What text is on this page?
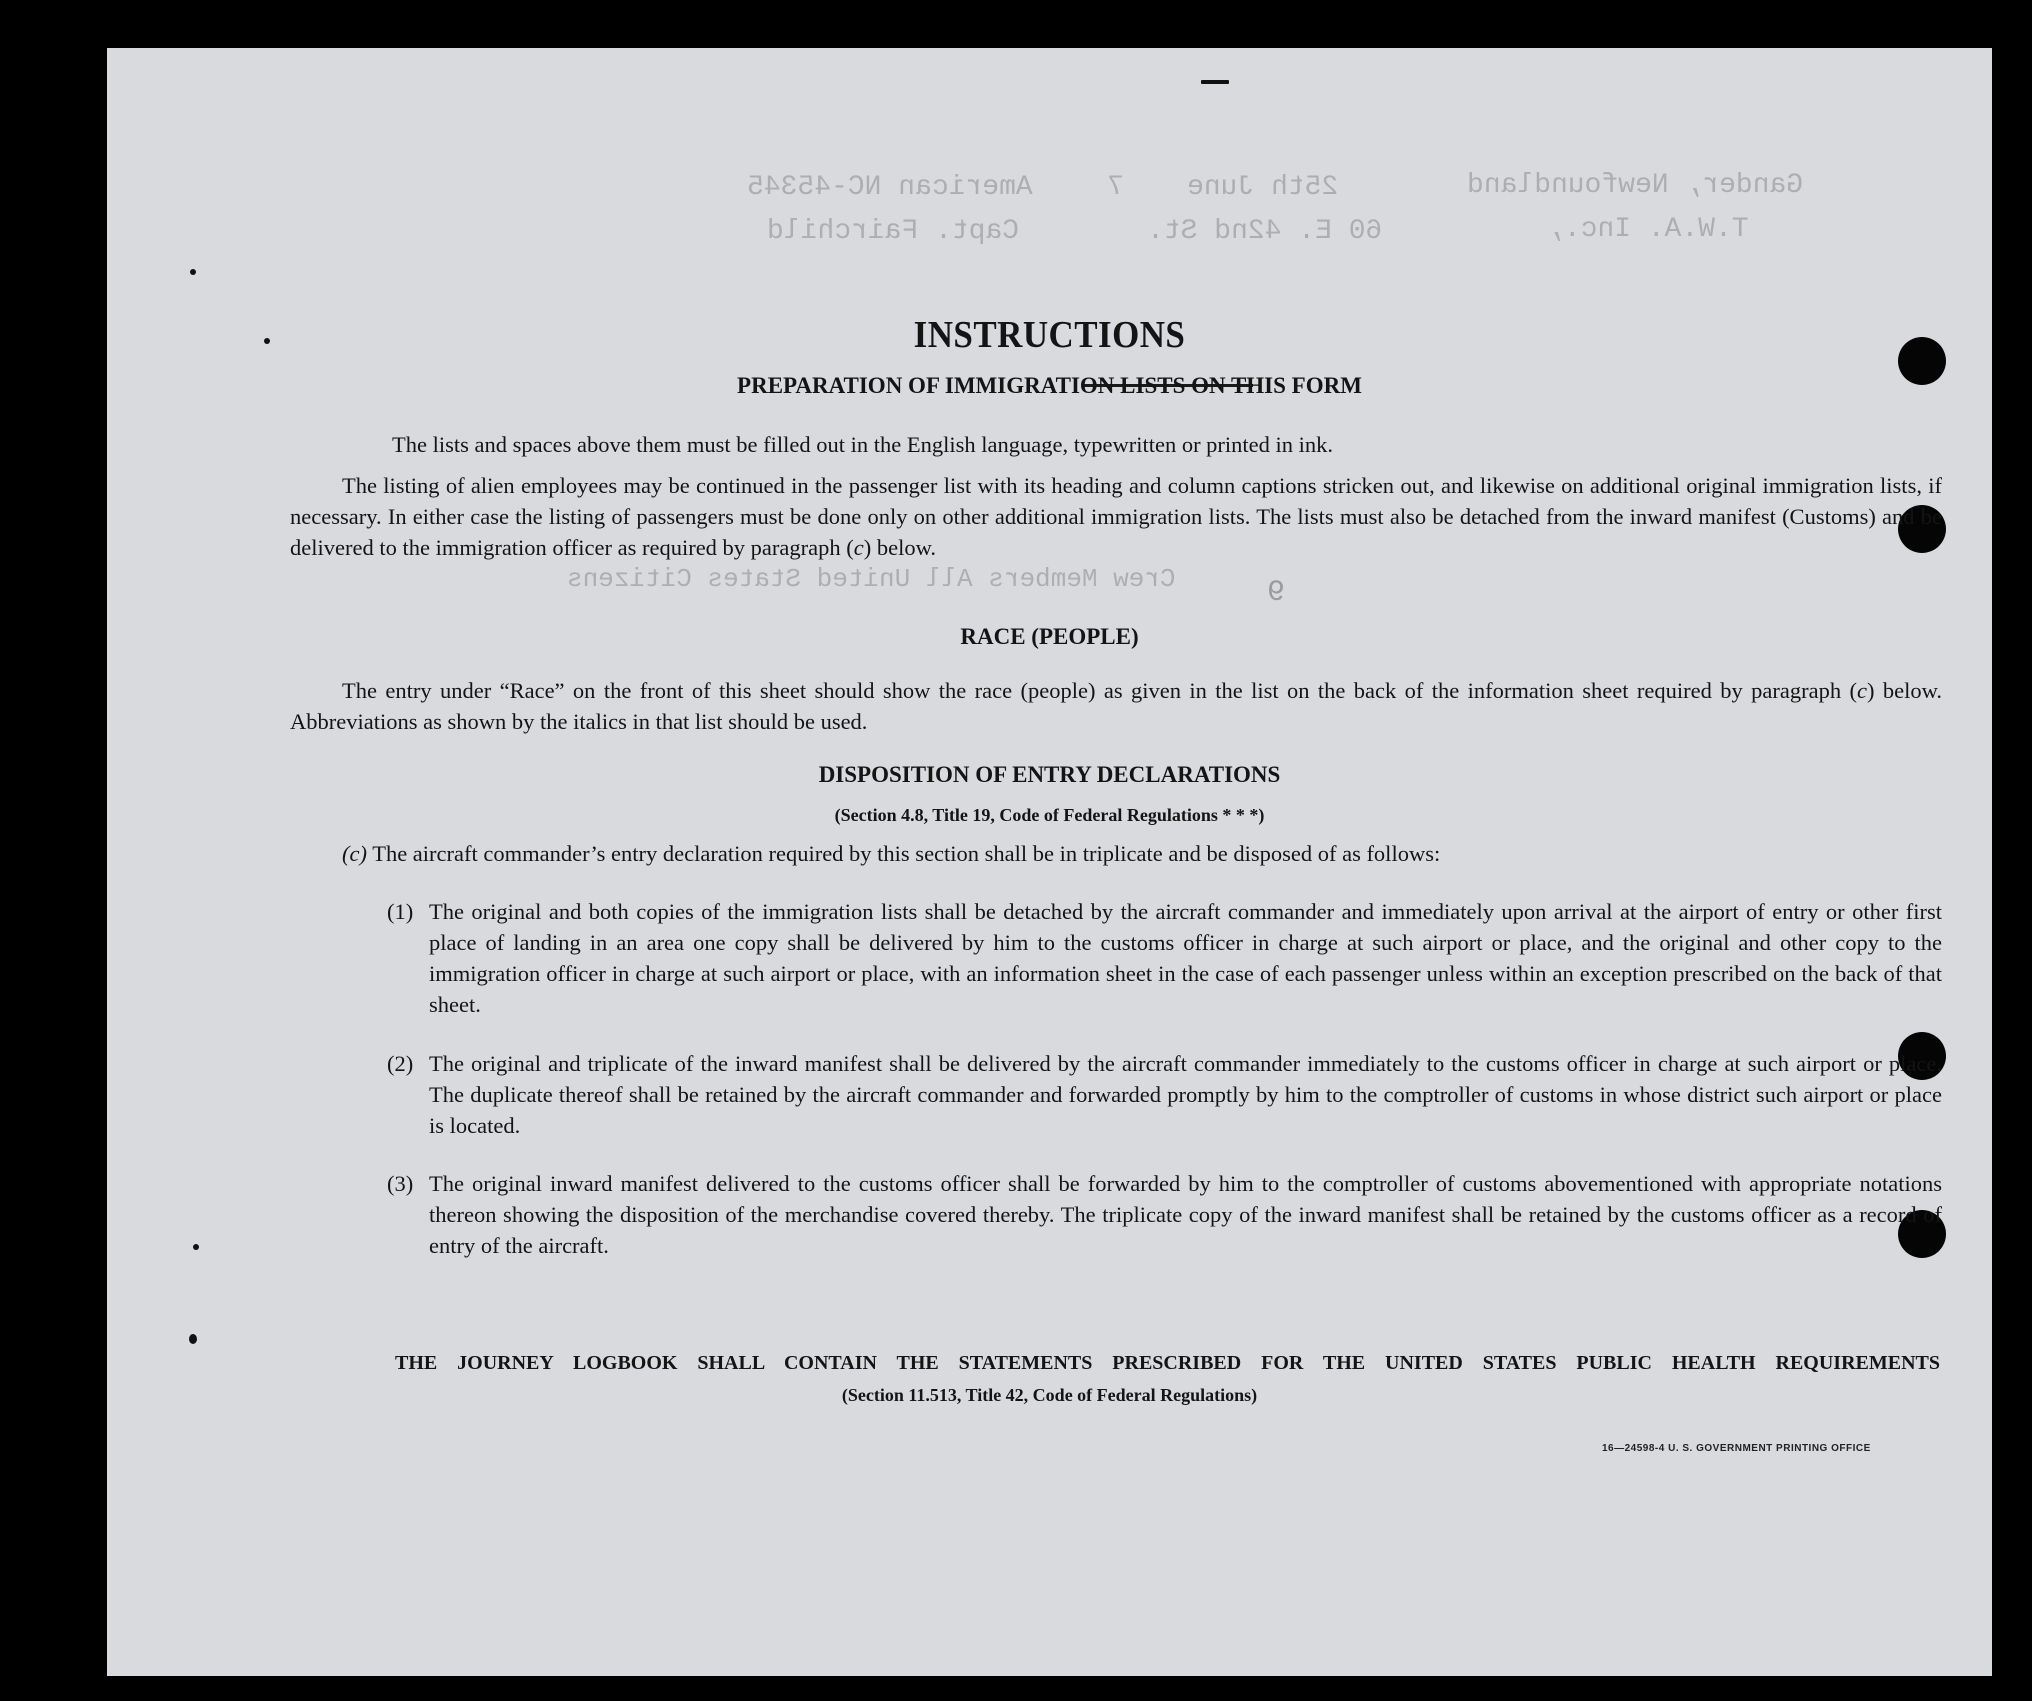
Gander, Newfoundland
25th June
7
American NC-45345
T.W.A. Inc.,
60 E. 42nd St.
Capt. Fairchild
Crew Members All United States Citizens	9
INSTRUCTIONS
PREPARATION OF IMMIGRATION LISTS ON THIS FORM

The lists and spaces above them must be filled out in the English language, typewritten or printed in ink.

The listing of alien employees may be continued in the passenger list with its heading and column captions stricken out, and likewise on additional original immigration lists, if necessary. In either case the listing of passengers must be done only on other additional immigration lists. The lists must also be detached from the inward manifest (Customs) and be delivered to the immigration officer as required by paragraph (c) below.

RACE (PEOPLE)

The entry under “Race” on the front of this sheet should show the race (people) as given in the list on the back of the information sheet required by paragraph (c) below. Abbreviations as shown by the italics in that list should be used.

DISPOSITION OF ENTRY DECLARATIONS
(Section 4.8, Title 19, Code of Federal Regulations * * *)

(c) The aircraft commander’s entry declaration required by this section shall be in triplicate and be disposed of as follows:

(1) The original and both copies of the immigration lists shall be detached by the aircraft commander and immediately upon arrival at the airport of entry or other first place of landing in an area one copy shall be delivered by him to the customs officer in charge at such airport or place, and the original and other copy to the immigration officer in charge at such airport or place, with an information sheet in the case of each passenger unless within an exception prescribed on the back of that sheet.
(2) The original and triplicate of the inward manifest shall be delivered by the aircraft commander immediately to the customs officer in charge at such airport or place. The duplicate thereof shall be retained by the aircraft commander and forwarded promptly by him to the comptroller of customs in whose district such airport or place is located.
(3) The original inward manifest delivered to the customs officer shall be forwarded by him to the comptroller of customs abovementioned with appropriate notations thereon showing the disposition of the merchandise covered thereby. The triplicate copy of the inward manifest shall be retained by the customs officer as a record of entry of the aircraft.

THE JOURNEY LOGBOOK SHALL CONTAIN THE STATEMENTS PRESCRIBED FOR THE UNITED STATES PUBLIC HEALTH REQUIREMENTS

(Section 11.513, Title 42, Code of Federal Regulations)
16—24598-4 U. S. GOVERNMENT PRINTING OFFICE
